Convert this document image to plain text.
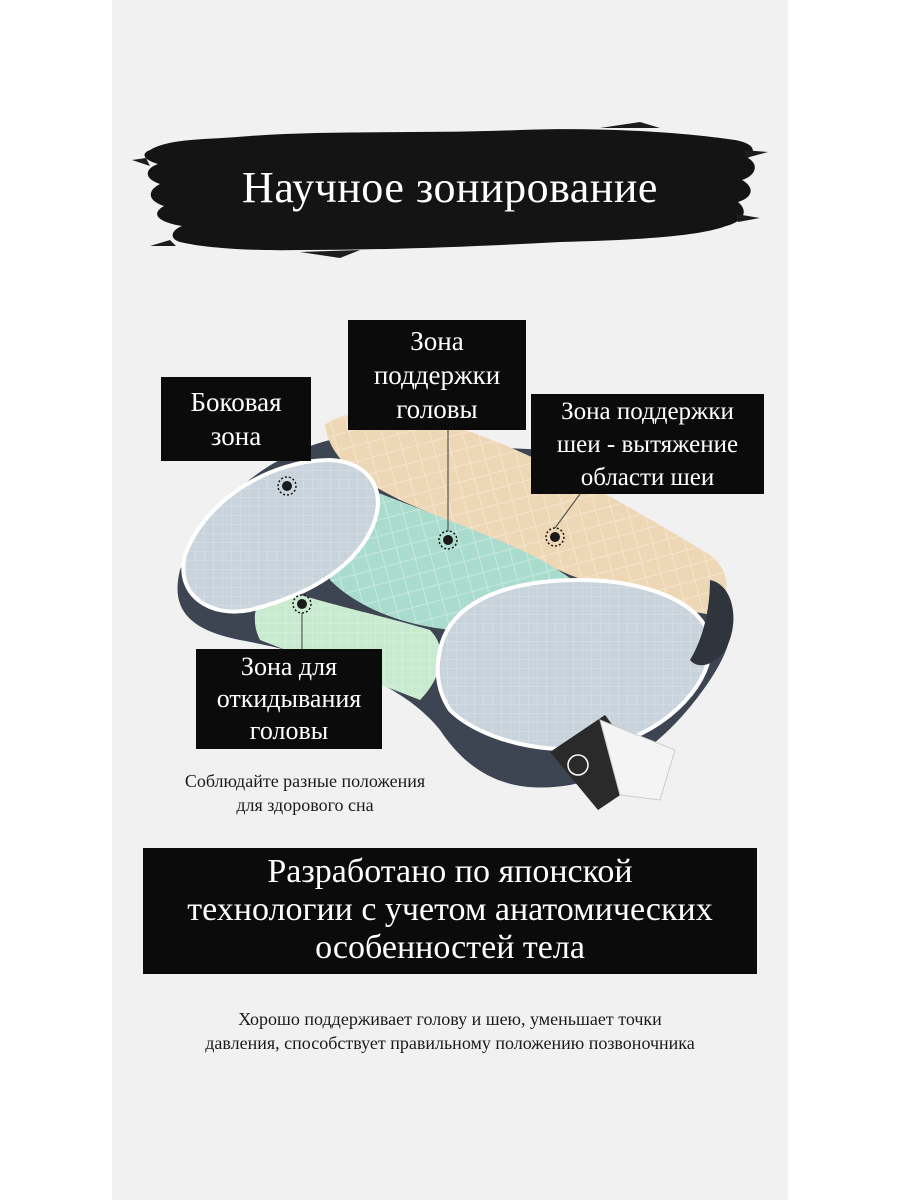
Научное зонирование
Боковая
зона
Зона
поддержки
головы	Зона поддержки
шеи - вытяжение
области шеи
Зона для
откидывания
головы
Соблюдайте разные положения
для здорового сна
Разработано по японской
технологии с учетом анатомических
особенностей тела
Хорошо поддерживает голову и шею, уменьшает точки
давления, способствует правильному положению позвоночника
